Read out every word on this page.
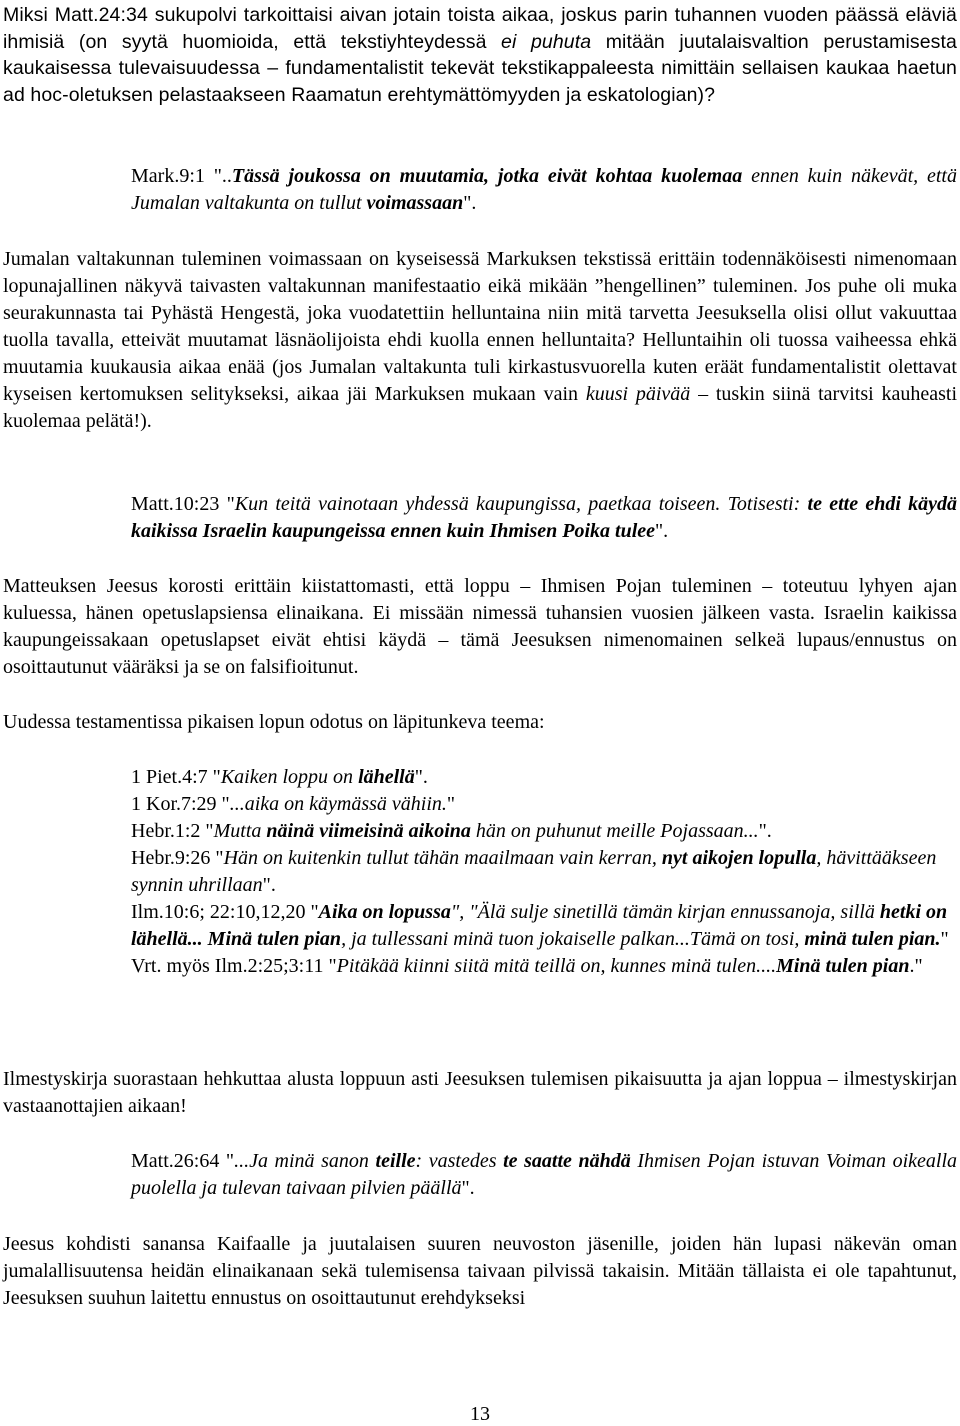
Miksi Matt.24:34 sukupolvi tarkoittaisi aivan jotain toista aikaa, joskus parin tuhannen vuoden päässä eläviä ihmisiä (on syytä huomioida, että tekstiyhteydessä ei puhuta mitään juutalaisvaltion perustamisesta kaukaisessa tulevaisuudessa – fundamentalistit tekevät tekstikappaleesta nimittäin sellaisen kaukaa haetun ad hoc-oletuksen pelastaakseen Raamatun erehtymättömyyden ja eskatologian)?

Mark.9:1 "..Tässä joukossa on muutamia, jotka eivät kohtaa kuolemaa ennen kuin näkevät, että Jumalan valtakunta on tullut voimassaan".

Jumalan valtakunnan tuleminen voimassaan on kyseisessä Markuksen tekstissä erittäin todennäköisesti nimenomaan lopunajallinen näkyvä taivasten valtakunnan manifestaatio eikä mikään ”hengellinen” tuleminen. Jos puhe oli muka seurakunnasta tai Pyhästä Hengestä, joka vuodatettiin helluntaina niin mitä tarvetta Jeesuksella olisi ollut vakuuttaa tuolla tavalla, etteivät muutamat läsnäolijoista ehdi kuolla ennen helluntaita? Helluntaihin oli tuossa vaiheessa ehkä muutamia kuukausia aikaa enää (jos Jumalan valtakunta tuli kirkastusvuorella kuten eräät fundamentalistit olettavat kyseisen kertomuksen selitykseksi, aikaa jäi Markuksen mukaan vain kuusi päivää – tuskin siinä tarvitsi kauheasti kuolemaa pelätä!).

Matt.10:23 "Kun teitä vainotaan yhdessä kaupungissa, paetkaa toiseen. Totisesti: te ette ehdi käydä kaikissa Israelin kaupungeissa ennen kuin Ihmisen Poika tulee".

Matteuksen Jeesus korosti erittäin kiistattomasti, että loppu – Ihmisen Pojan tuleminen – toteutuu lyhyen ajan kuluessa, hänen opetuslapsiensa elinaikana. Ei missään nimessä tuhansien vuosien jälkeen vasta. Israelin kaikissa kaupungeissakaan opetuslapset eivät ehtisi käydä – tämä Jeesuksen nimenomainen selkeä lupaus/ennustus on osoittautunut vääräksi ja se on falsifioitunut.

Uudessa testamentissa pikaisen lopun odotus on läpitunkeva teema:

1 Piet.4:7 "Kaiken loppu on lähellä".
1 Kor.7:29 "...aika on käymässä vähiin."
Hebr.1:2 "Mutta näinä viimeisinä aikoina hän on puhunut meille Pojassaan...".
Hebr.9:26 "Hän on kuitenkin tullut tähän maailmaan vain kerran, nyt aikojen lopulla, hävittääkseen synnin uhrillaan".
Ilm.10:6; 22:10,12,20 "Aika on lopussa", "Älä sulje sinetillä tämän kirjan ennussanoja, sillä hetki on lähellä... Minä tulen pian, ja tullessani minä tuon jokaiselle palkan...Tämä on tosi, minä tulen pian."
Vrt. myös Ilm.2:25;3:11 "Pitäkää kiinni siitä mitä teillä on, kunnes minä tulen....Minä tulen pian."

Ilmestyskirja suorastaan hehkuttaa alusta loppuun asti Jeesuksen tulemisen pikaisuutta ja ajan loppua – ilmestyskirjan vastaanottajien aikaan!

Matt.26:64 "...Ja minä sanon teille: vastedes te saatte nähdä Ihmisen Pojan istuvan Voiman oikealla puolella ja tulevan taivaan pilvien päällä".

Jeesus kohdisti sanansa Kaifaalle ja juutalaisen suuren neuvoston jäsenille, joiden hän lupasi näkevän oman jumalallisuutensa heidän elinaikanaan sekä tulemisensa taivaan pilvissä takaisin. Mitään tällaista ei ole tapahtunut, Jeesuksen suuhun laitettu ennustus on osoittautunut erehdykseksi

13
